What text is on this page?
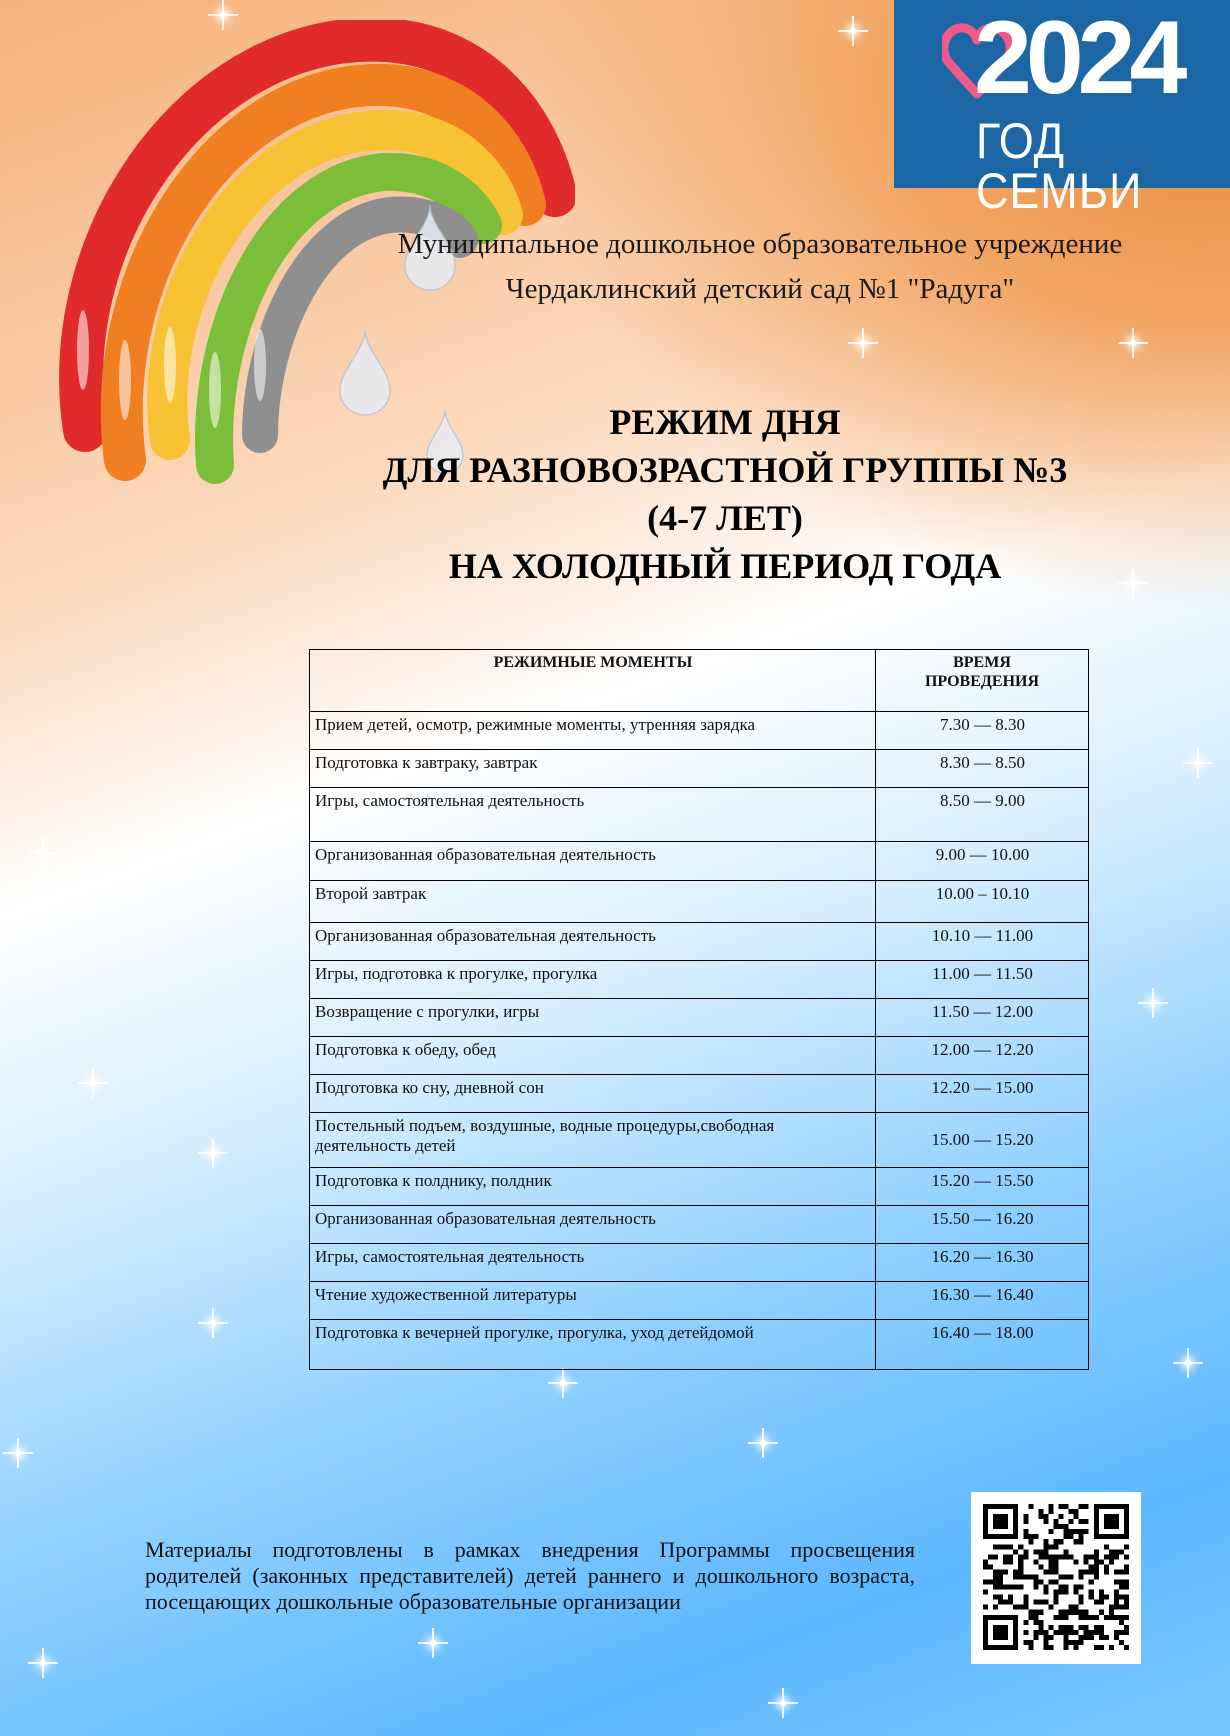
2024
ГОД СЕМЬИ
Муниципальное дошкольное образовательное учреждение
Чердаклинский детский сад №1 "Радуга"
РЕЖИМ ДНЯ
ДЛЯ РАЗНОВОЗРАСТНОЙ ГРУППЫ №3
(4-7 ЛЕТ)
НА ХОЛОДНЫЙ ПЕРИОД ГОДА
РЕЖИМНЫЕ МОМЕНТЫ	ВРЕМЯ ПРОВЕДЕНИЯ
Прием детей, осмотр, режимные моменты, утренняя зарядка	7.30 — 8.30
Подготовка к завтраку, завтрак	8.30 — 8.50
Игры, самостоятельная деятельность	8.50 — 9.00
Организованная образовательная деятельность	9.00 — 10.00
Второй завтрак	10.00 – 10.10
Организованная образовательная деятельность	10.10 — 11.00
Игры, подготовка к прогулке, прогулка	11.00 — 11.50
Возвращение с прогулки, игры	11.50 — 12.00
Подготовка к обеду, обед	12.00 — 12.20
Подготовка ко сну, дневной сон	12.20 — 15.00
Постельный подъем, воздушные, водные процедуры,свободная деятельность детей	15.00 — 15.20
Подготовка к полднику, полдник	15.20 — 15.50
Организованная образовательная деятельность	15.50 — 16.20
Игры, самостоятельная деятельность	16.20 — 16.30
Чтение художественной литературы	16.30 — 16.40
Подготовка к вечерней прогулке, прогулка, уход детейдомой	16.40 — 18.00
Материалы подготовлены в рамках внедрения Программы просвещения родителей (законных представителей) детей раннего и дошкольного возраста, посещающих дошкольные образовательные организации
